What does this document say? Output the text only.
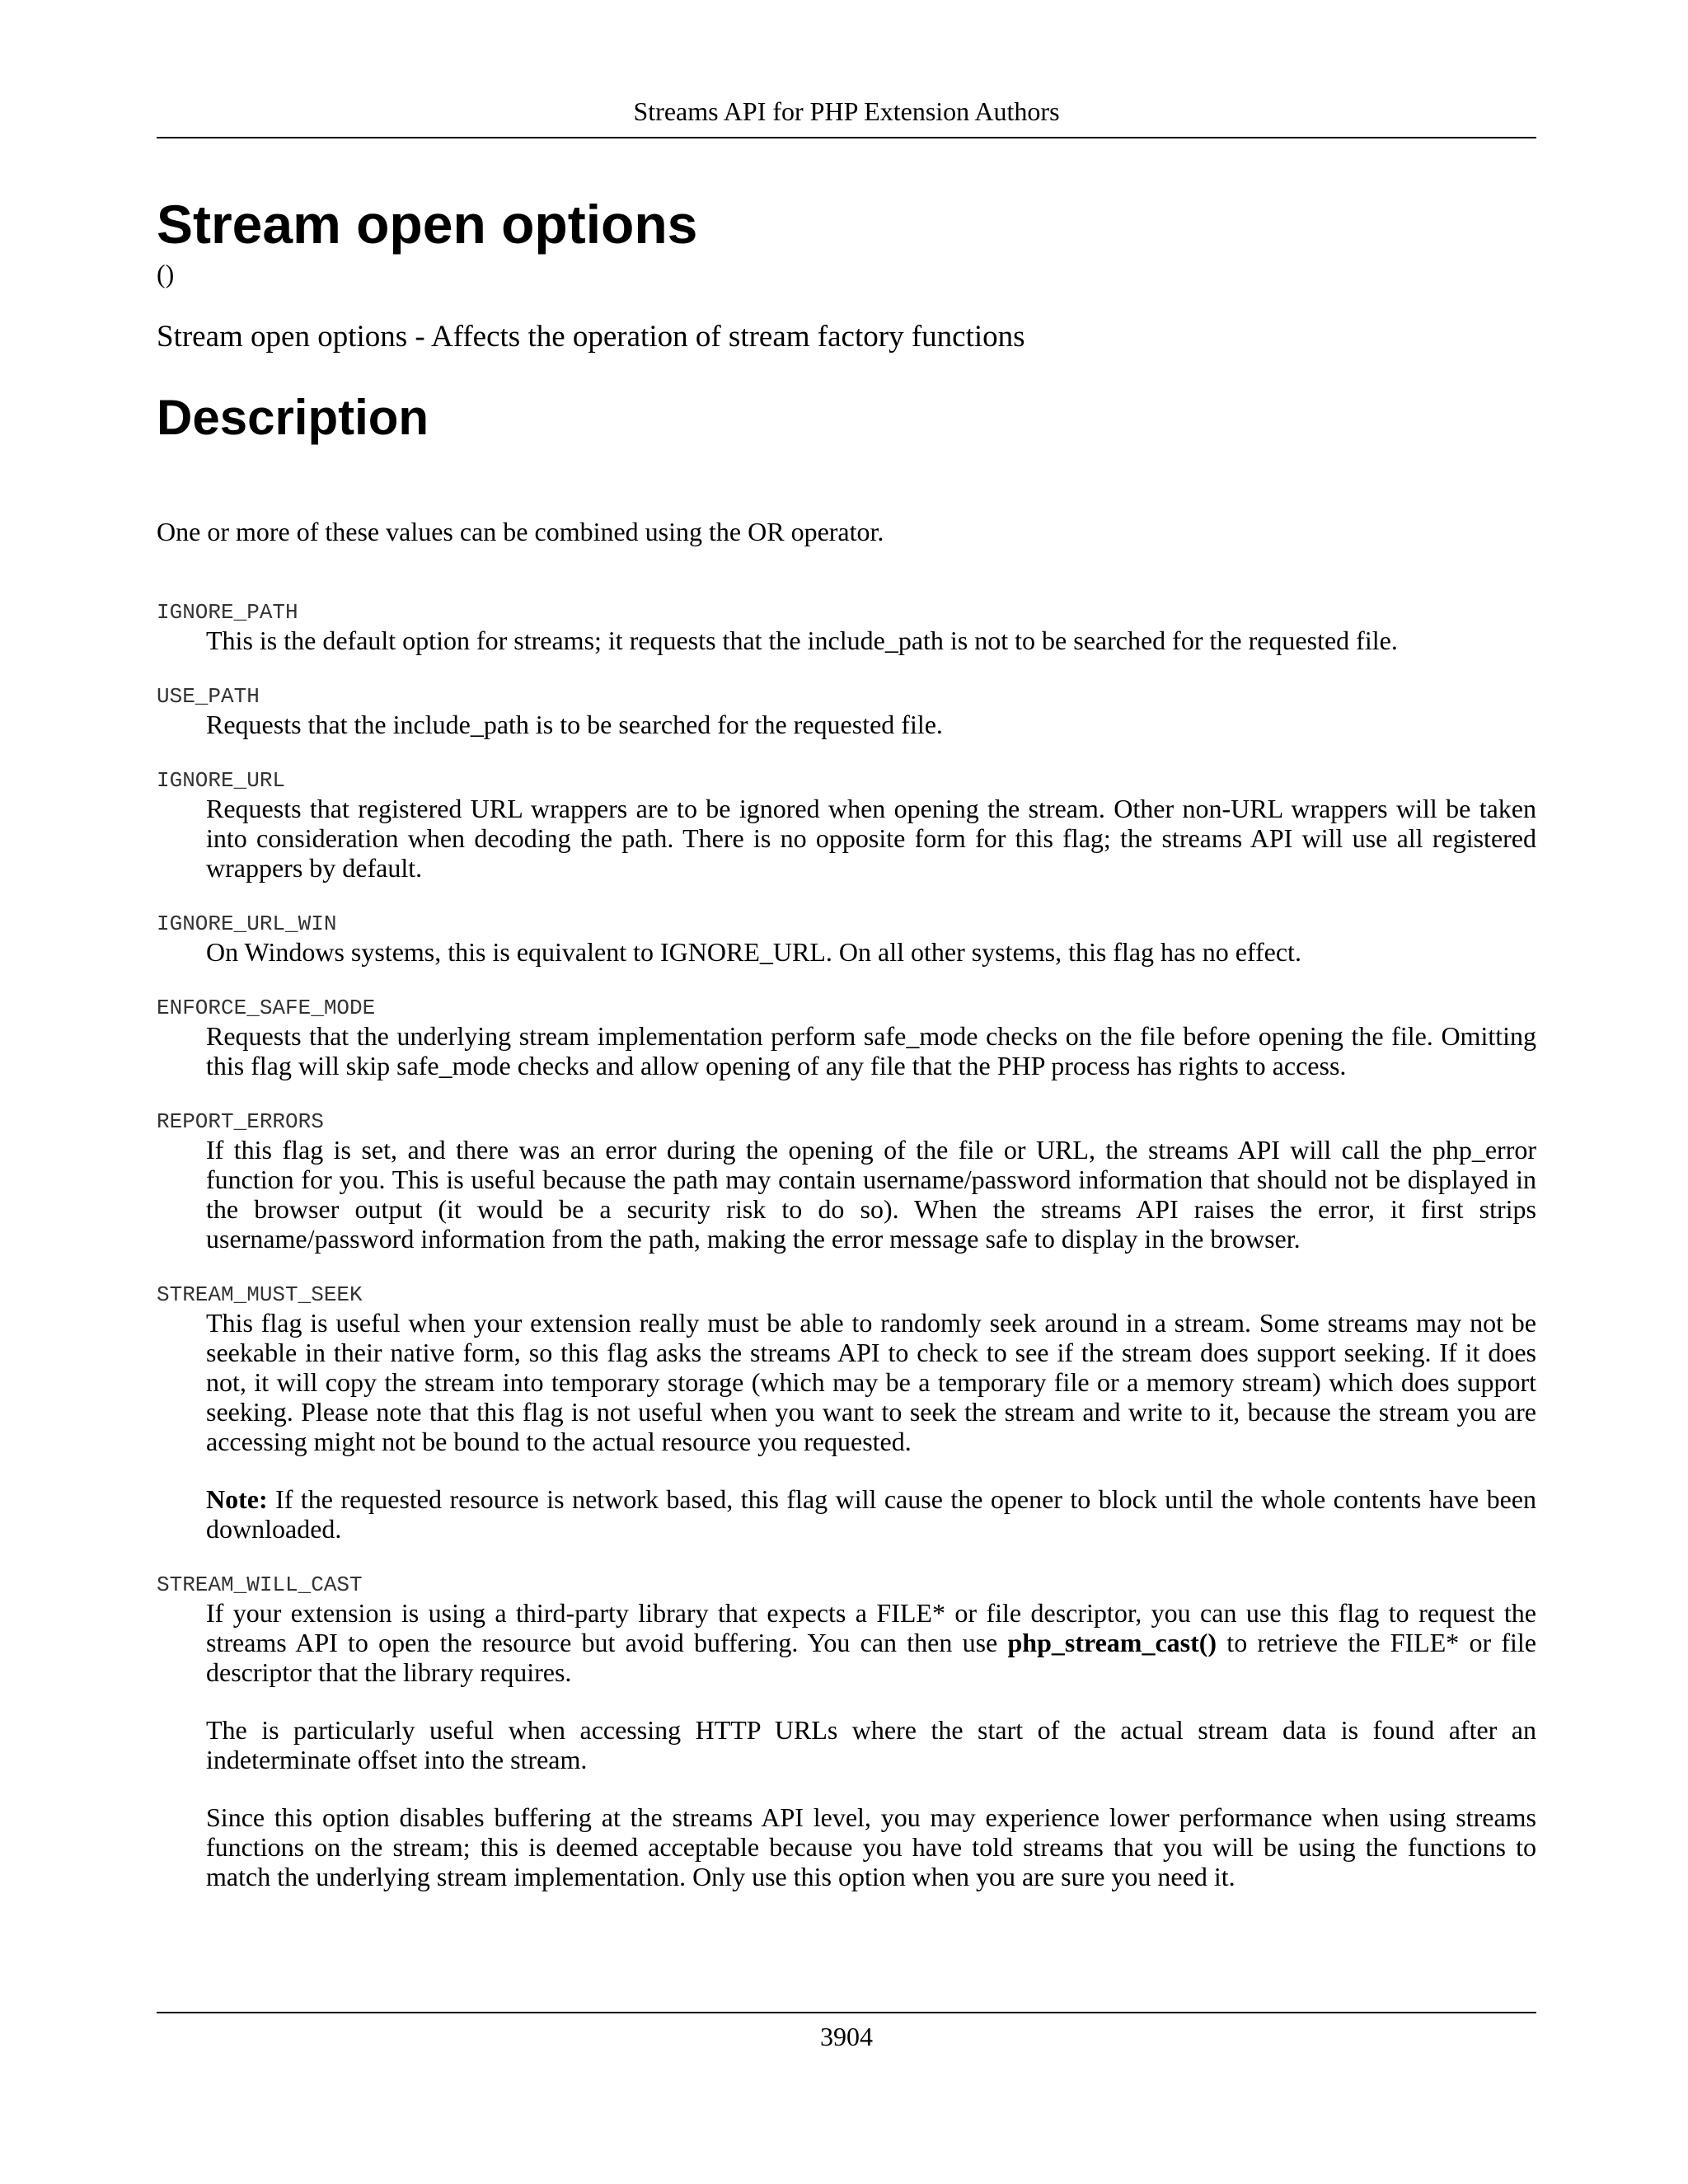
Streams API for PHP Extension Authors
Stream open options

()

Stream open options - Affects the operation of stream factory functions

Description

One or more of these values can be combined using the OR operator.

IGNORE_PATH

This is the default option for streams; it requests that the include_path is not to be searched for the requested file.

USE_PATH

Requests that the include_path is to be searched for the requested file.

IGNORE_URL

Requests that registered URL wrappers are to be ignored when opening the stream. Other non-URL wrappers will be taken into consideration when decoding the path. There is no opposite form for this flag; the streams API will use all registered wrappers by default.

IGNORE_URL_WIN

On Windows systems, this is equivalent to IGNORE_URL. On all other systems, this flag has no effect.

ENFORCE_SAFE_MODE

Requests that the underlying stream implementation perform safe_mode checks on the file before opening the file. Omitting this flag will skip safe_mode checks and allow opening of any file that the PHP process has rights to access.

REPORT_ERRORS

If this flag is set, and there was an error during the opening of the file or URL, the streams API will call the php_error function for you. This is useful because the path may contain username/password information that should not be displayed in the browser output (it would be a security risk to do so). When the streams API raises the error, it first strips username/password information from the path, making the error message safe to display in the browser.

STREAM_MUST_SEEK

This flag is useful when your extension really must be able to randomly seek around in a stream. Some streams may not be seekable in their native form, so this flag asks the streams API to check to see if the stream does support seeking. If it does not, it will copy the stream into temporary storage (which may be a temporary file or a memory stream) which does support seeking. Please note that this flag is not useful when you want to seek the stream and write to it, because the stream you are accessing might not be bound to the actual resource you requested.

Note: If the requested resource is network based, this flag will cause the opener to block until the whole contents have been downloaded.

STREAM_WILL_CAST

If your extension is using a third-party library that expects a FILE* or file descriptor, you can use this flag to request the streams API to open the resource but avoid buffering. You can then use php_stream_cast() to retrieve the FILE* or file descriptor that the library requires.

The is particularly useful when accessing HTTP URLs where the start of the actual stream data is found after an indeterminate offset into the stream.

Since this option disables buffering at the streams API level, you may experience lower performance when using streams functions on the stream; this is deemed acceptable because you have told streams that you will be using the functions to match the underlying stream implementation. Only use this option when you are sure you need it.

3904
